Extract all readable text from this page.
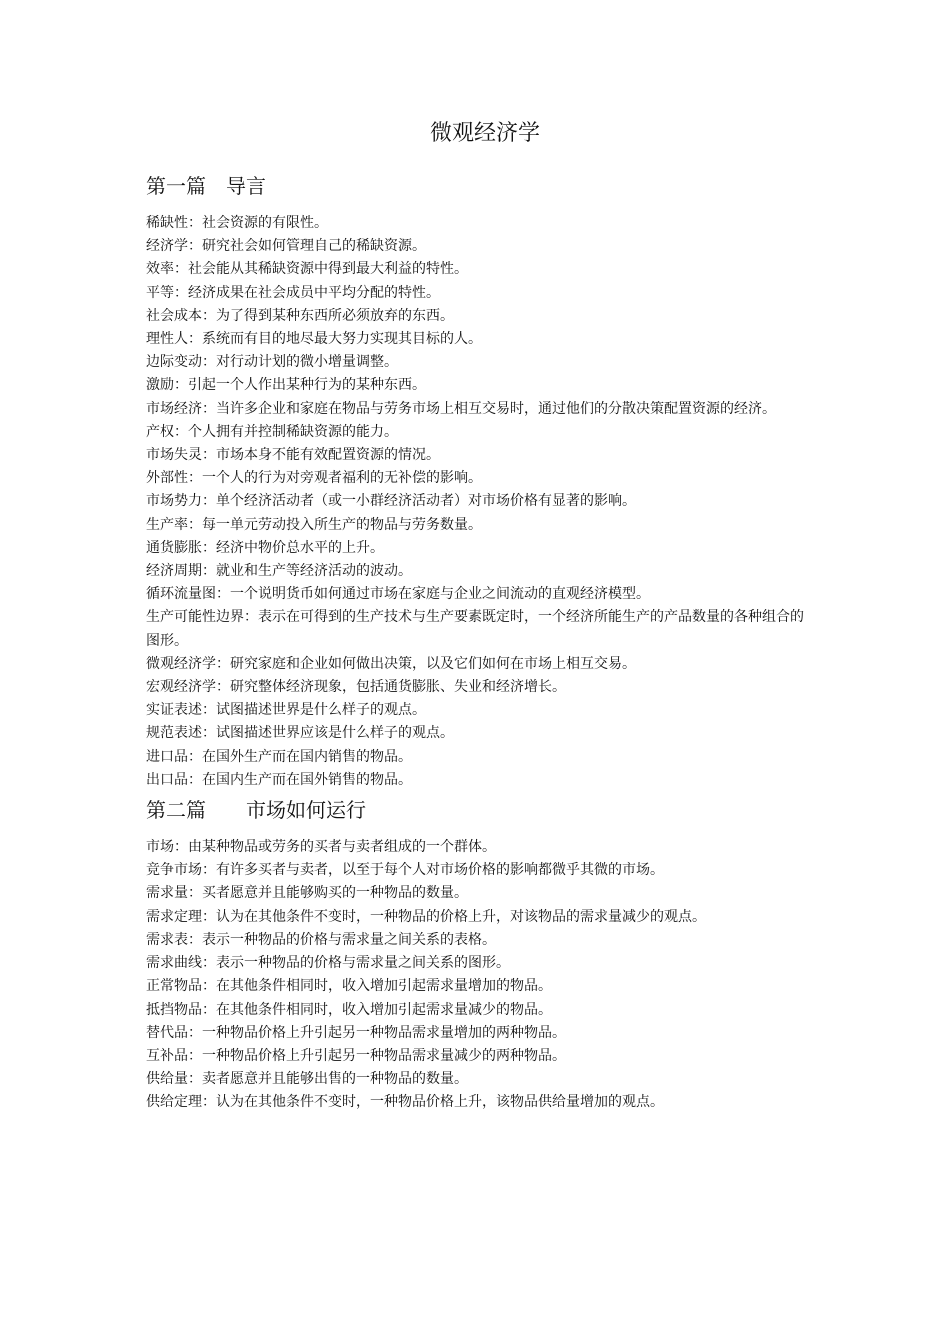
微观经济学
第一篇　导言

稀缺性：社会资源的有限性。

经济学：研究社会如何管理自己的稀缺资源。

效率：社会能从其稀缺资源中得到最大利益的特性。

平等：经济成果在社会成员中平均分配的特性。

社会成本：为了得到某种东西所必须放弃的东西。

理性人：系统而有目的地尽最大努力实现其目标的人。

边际变动：对行动计划的微小增量调整。

激励：引起一个人作出某种行为的某种东西。

市场经济：当许多企业和家庭在物品与劳务市场上相互交易时，通过他们的分散决策配置资源的经济。

产权：个人拥有并控制稀缺资源的能力。

市场失灵：市场本身不能有效配置资源的情况。

外部性：一个人的行为对旁观者福利的无补偿的影响。

市场势力：单个经济活动者（或一小群经济活动者）对市场价格有显著的影响。

生产率：每一单元劳动投入所生产的物品与劳务数量。

通货膨胀：经济中物价总水平的上升。

经济周期：就业和生产等经济活动的波动。

循环流量图：一个说明货币如何通过市场在家庭与企业之间流动的直观经济模型。

生产可能性边界：表示在可得到的生产技术与生产要素既定时，一个经济所能生产的产品数量的各种组合的图形。

微观经济学：研究家庭和企业如何做出决策，以及它们如何在市场上相互交易。

宏观经济学：研究整体经济现象，包括通货膨胀、失业和经济增长。

实证表述：试图描述世界是什么样子的观点。

规范表述：试图描述世界应该是什么样子的观点。

进口品：在国外生产而在国内销售的物品。

出口品：在国内生产而在国外销售的物品。

第二篇　　市场如何运行

市场：由某种物品或劳务的买者与卖者组成的一个群体。

竞争市场：有许多买者与卖者，以至于每个人对市场价格的影响都微乎其微的市场。

需求量：买者愿意并且能够购买的一种物品的数量。

需求定理：认为在其他条件不变时，一种物品的价格上升，对该物品的需求量减少的观点。

需求表：表示一种物品的价格与需求量之间关系的表格。

需求曲线：表示一种物品的价格与需求量之间关系的图形。

正常物品：在其他条件相同时，收入增加引起需求量增加的物品。

抵挡物品：在其他条件相同时，收入增加引起需求量减少的物品。

替代品：一种物品价格上升引起另一种物品需求量增加的两种物品。

互补品：一种物品价格上升引起另一种物品需求量减少的两种物品。

供给量：卖者愿意并且能够出售的一种物品的数量。

供给定理：认为在其他条件不变时，一种物品价格上升，该物品供给量增加的观点。
